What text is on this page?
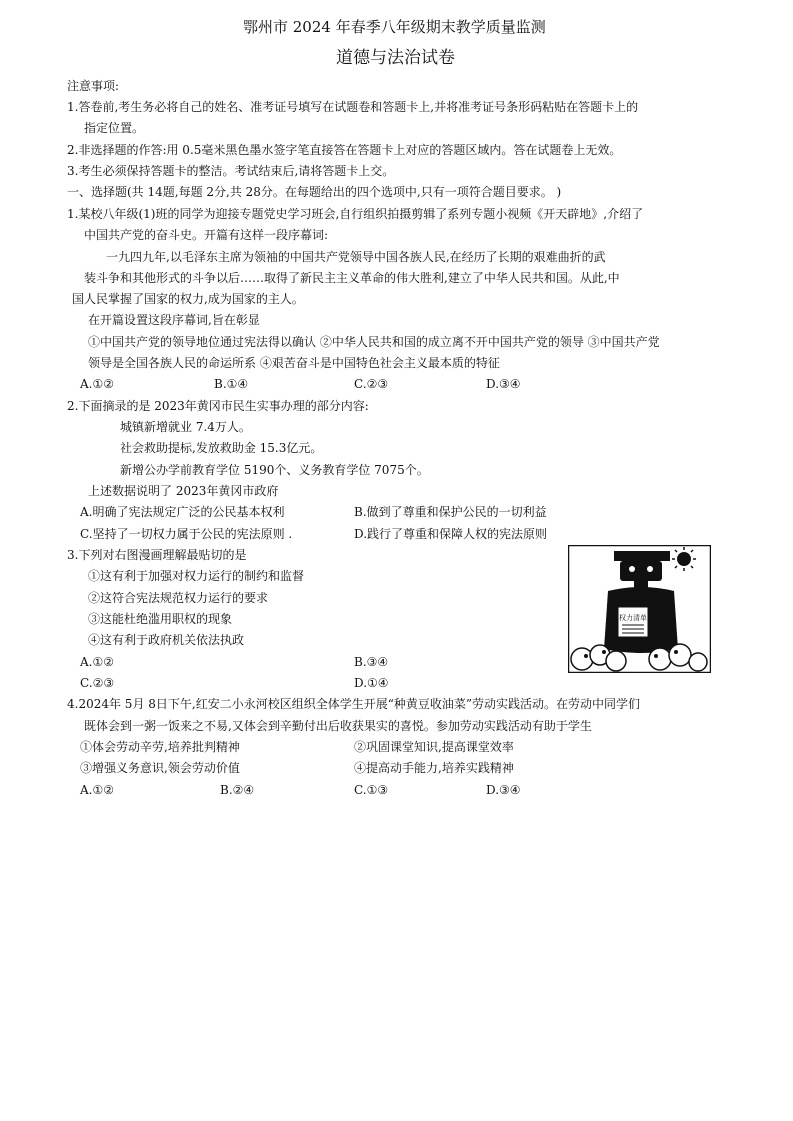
鄂州市 2024 年春季八年级期末教学质量监测
道德与法治试卷
注意事项:
1.答卷前,考生务必将自己的姓名、准考证号填写在试题卷和答题卡上,并将准考证号条形码粘贴在答题卡上的
指定位置。
2.非选择题的作答:用 0.5毫米黑色墨水签字笔直接答在答题卡上对应的答题区域内。答在试题卷上无效。
3.考生必须保持答题卡的整洁。考试结束后,请将答题卡上交。
一、选择题(共 14题,每题 2分,共 28分。在每题给出的四个选项中,只有一项符合题目要求。 )
1.某校八年级(1)班的同学为迎接专题党史学习班会,自行组织拍摄剪辑了系列专题小视频《开天辟地》,介绍了
中国共产党的奋斗史。开篇有这样一段序幕词:
一九四九年,以毛泽东主席为领袖的中国共产党领导中国各族人民,在经历了长期的艰难曲折的武
装斗争和其他形式的斗争以后……取得了新民主主义革命的伟大胜利,建立了中华人民共和国。从此,中
国人民掌握了国家的权力,成为国家的主人。
在开篇设置这段序幕词,旨在彰显
①中国共产党的领导地位通过宪法得以确认 ②中华人民共和国的成立离不开中国共产党的领导 ③中国共产党
领导是全国各族人民的命运所系 ④艰苦奋斗是中国特色社会主义最本质的特征
A.①②	B.①④	C.②③	D.③④
2.下面摘录的是 2023年黄冈市民生实事办理的部分内容:
城镇新增就业 7.4万人。
社会救助提标,发放救助金 15.3亿元。
新增公办学前教育学位 5190个、义务教育学位 7075个。
上述数据说明了 2023年黄冈市政府
A.明确了宪法规定广泛的公民基本权利	B.做到了尊重和保护公民的一切利益
C.坚持了一切权力属于公民的宪法原则 .	D.践行了尊重和保障人权的宪法原则
3.下列对右图漫画理解最贴切的是
①这有利于加强对权力运行的制约和监督
②这符合宪法规范权力运行的要求
③这能杜绝滥用职权的现象
④这有利于政府机关依法执政
A.①②	B.③④
C.②③	D.①④
权力清单
4.2024年 5月 8日下午,红安二小永河校区组织全体学生开展“种黄豆收油菜”劳动实践活动。在劳动中同学们
既体会到一粥一饭来之不易,又体会到辛勤付出后收获果实的喜悦。参加劳动实践活动有助于学生
①体会劳动辛劳,培养批判精神	②巩固课堂知识,提高课堂效率
③增强义务意识,领会劳动价值	④提高动手能力,培养实践精神
A.①②	B.②④	C.①③	D.③④
